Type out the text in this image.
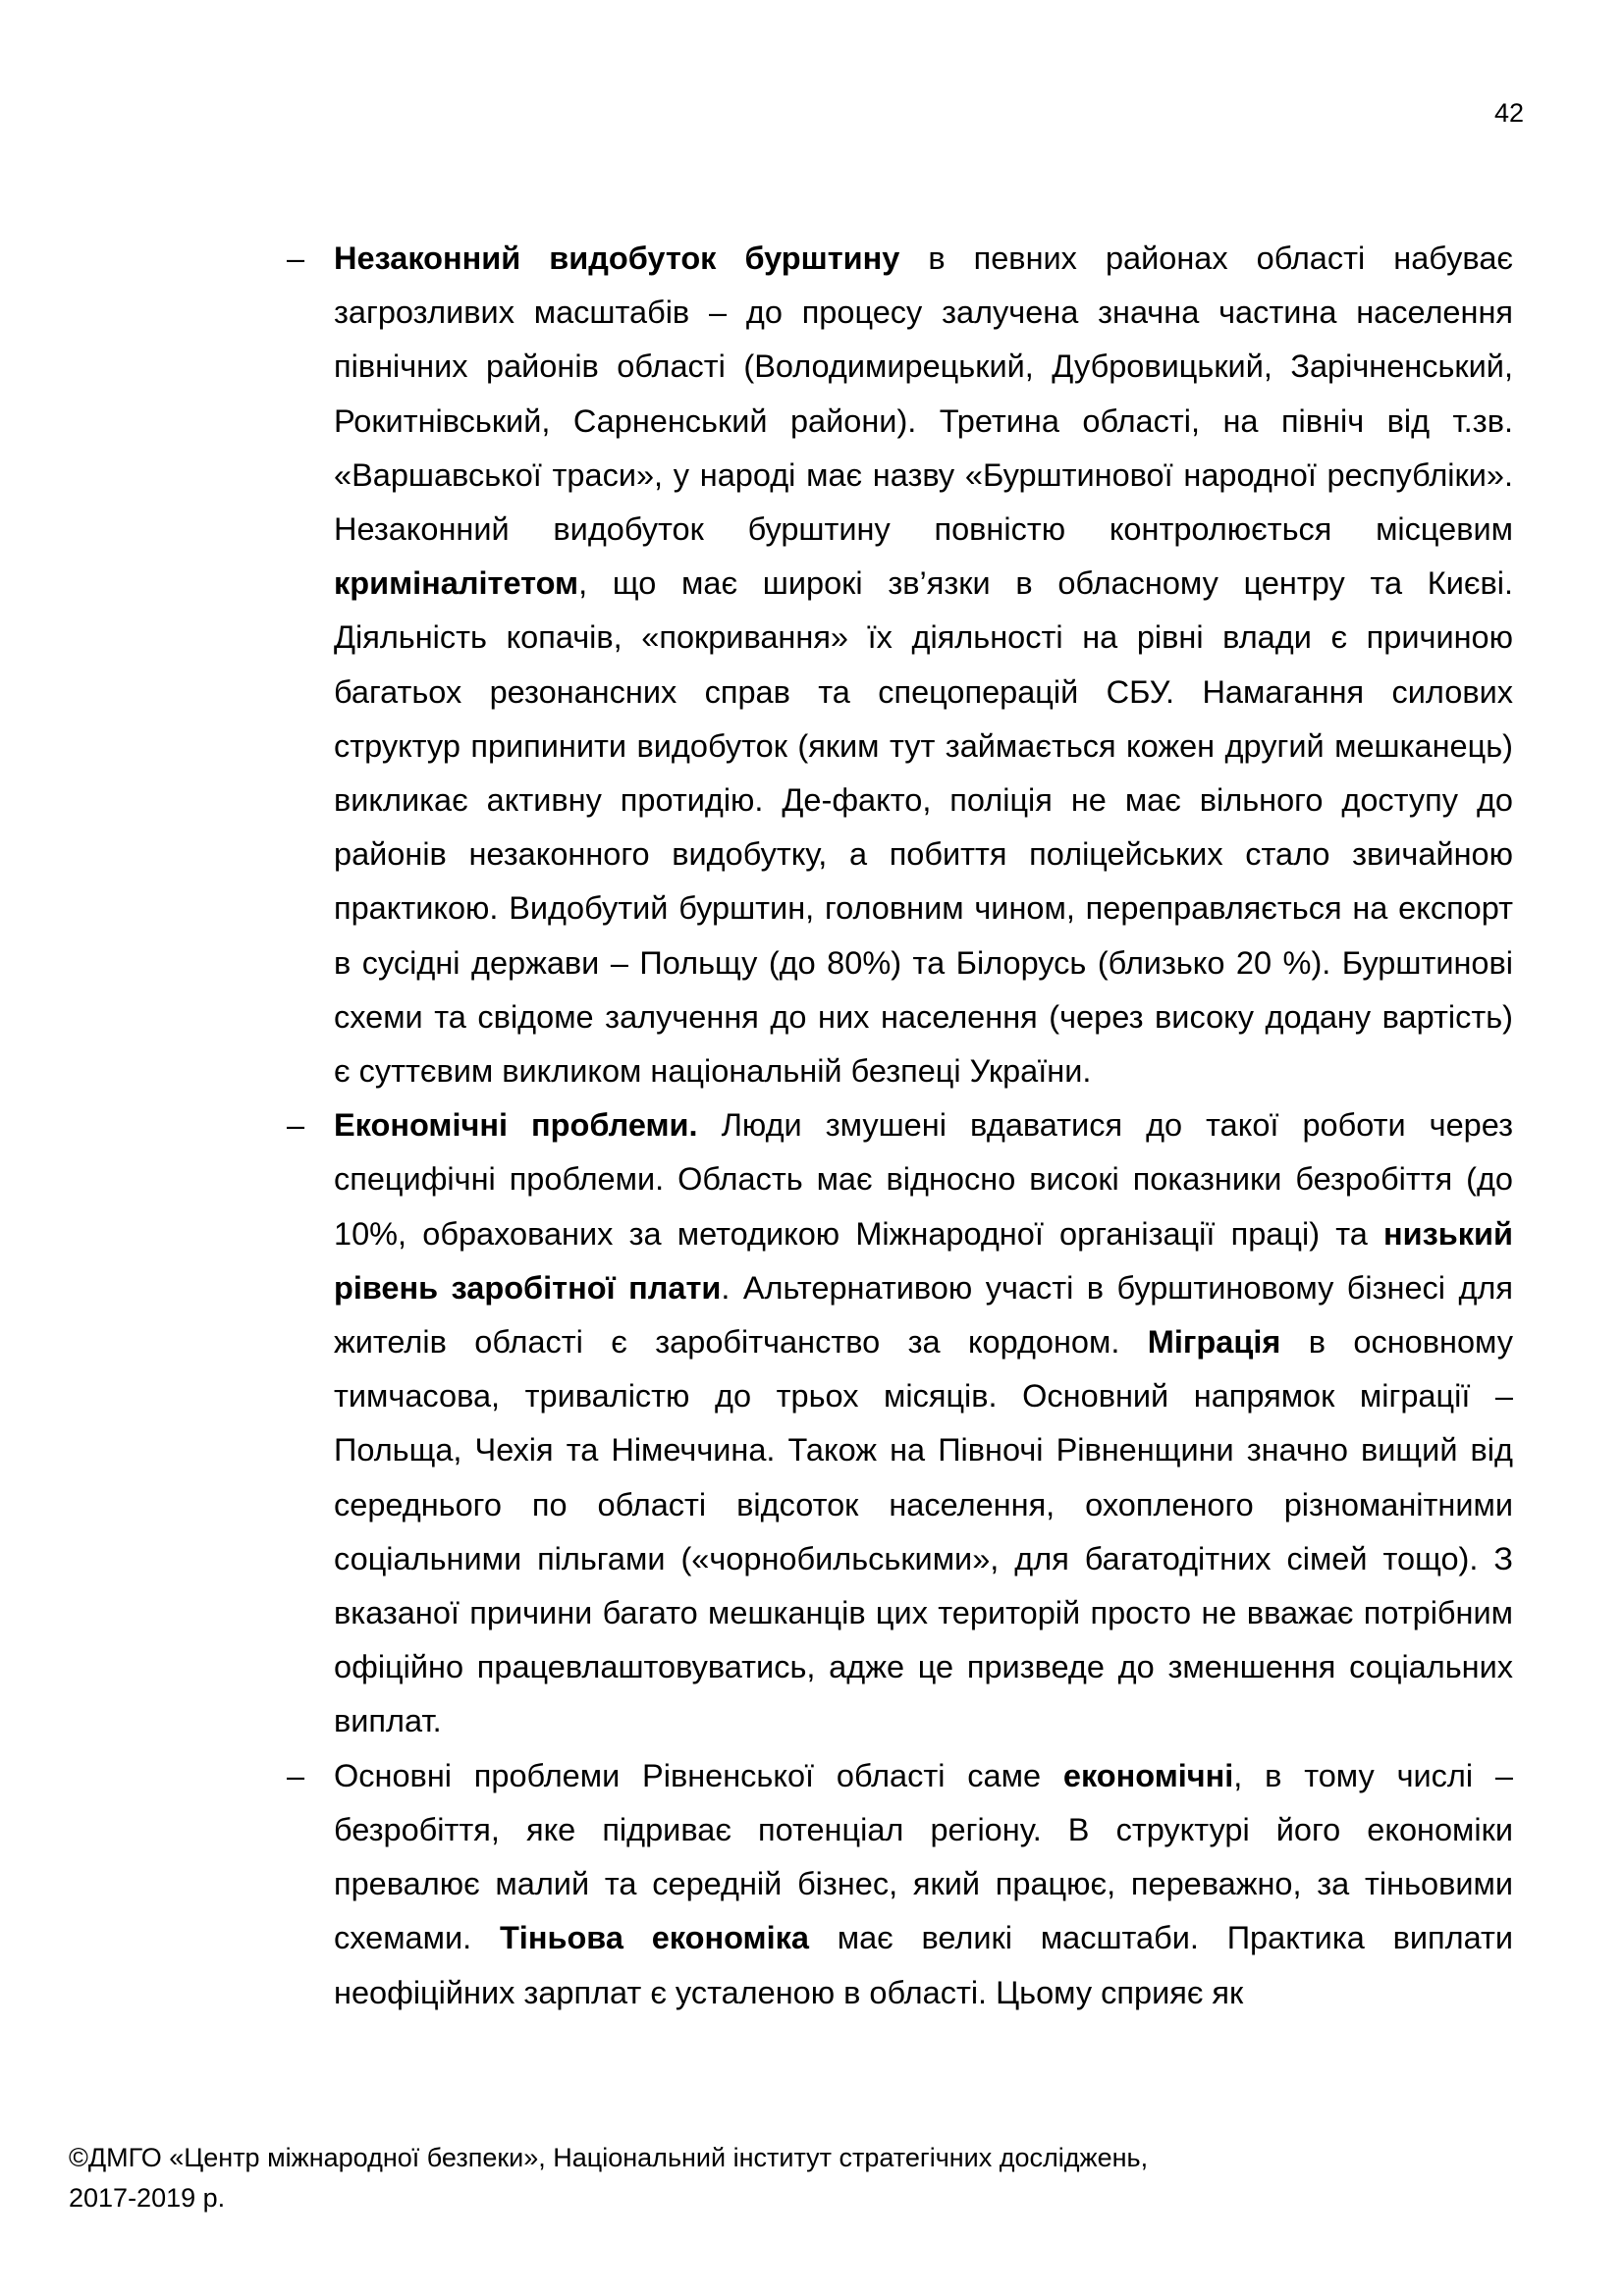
42
– Незаконний видобуток бурштину в певних районах області набуває загрозливих масштабів – до процесу залучена значна частина населення північних районів області (Володимирецький, Дубровицький, Зарічненський, Рокитнівський, Сарненський райони). Третина області, на північ від т.зв. «Варшавської траси», у народі має назву «Бурштинової народної республіки». Незаконний видобуток бурштину повністю контролюється місцевим криміналітетом, що має широкі зв’язки в обласному центру та Києві. Діяльність копачів, «покривання» їх діяльності на рівні влади є причиною багатьох резонансних справ та спецоперацій СБУ. Намагання силових структур припинити видобуток (яким тут займається кожен другий мешканець) викликає активну протидію. Де-факто, поліція не має вільного доступу до районів незаконного видобутку, а побиття поліцейських стало звичайною практикою. Видобутий бурштин, головним чином, переправляється на експорт в сусідні держави – Польщу (до 80%) та Білорусь (близько 20 %). Бурштинові схеми та свідоме залучення до них населення (через високу додану вартість) є суттєвим викликом національній безпеці України.
– Економічні проблеми. Люди змушені вдаватися до такої роботи через специфічні проблеми. Область має відносно високі показники безробіття (до 10%, обрахованих за методикою Міжнародної організації праці) та низький рівень заробітної плати. Альтернативою участі в бурштиновому бізнесі для жителів області є заробітчанство за кордоном. Міграція в основному тимчасова, тривалістю до трьох місяців. Основний напрямок міграції – Польща, Чехія та Німеччина. Також на Півночі Рівненщини значно вищий від середнього по області відсоток населення, охопленого різноманітними соціальними пільгами («чорнобильськими», для багатодітних сімей тощо). З вказаної причини багато мешканців цих територій просто не вважає потрібним офіційно працевлаштовуватись, адже це призведе до зменшення соціальних виплат.
– Основні проблеми Рівненської області саме економічні, в тому числі – безробіття, яке підриває потенціал регіону. В структурі його економіки превалює малий та середній бізнес, який працює, переважно, за тіньовими схемами. Тіньова економіка має великі масштаби. Практика виплати неофіційних зарплат є усталеною в області. Цьому сприяє як
©ДМГО «Центр міжнародної безпеки», Національний інститут стратегічних досліджень,
2017-2019 р.
